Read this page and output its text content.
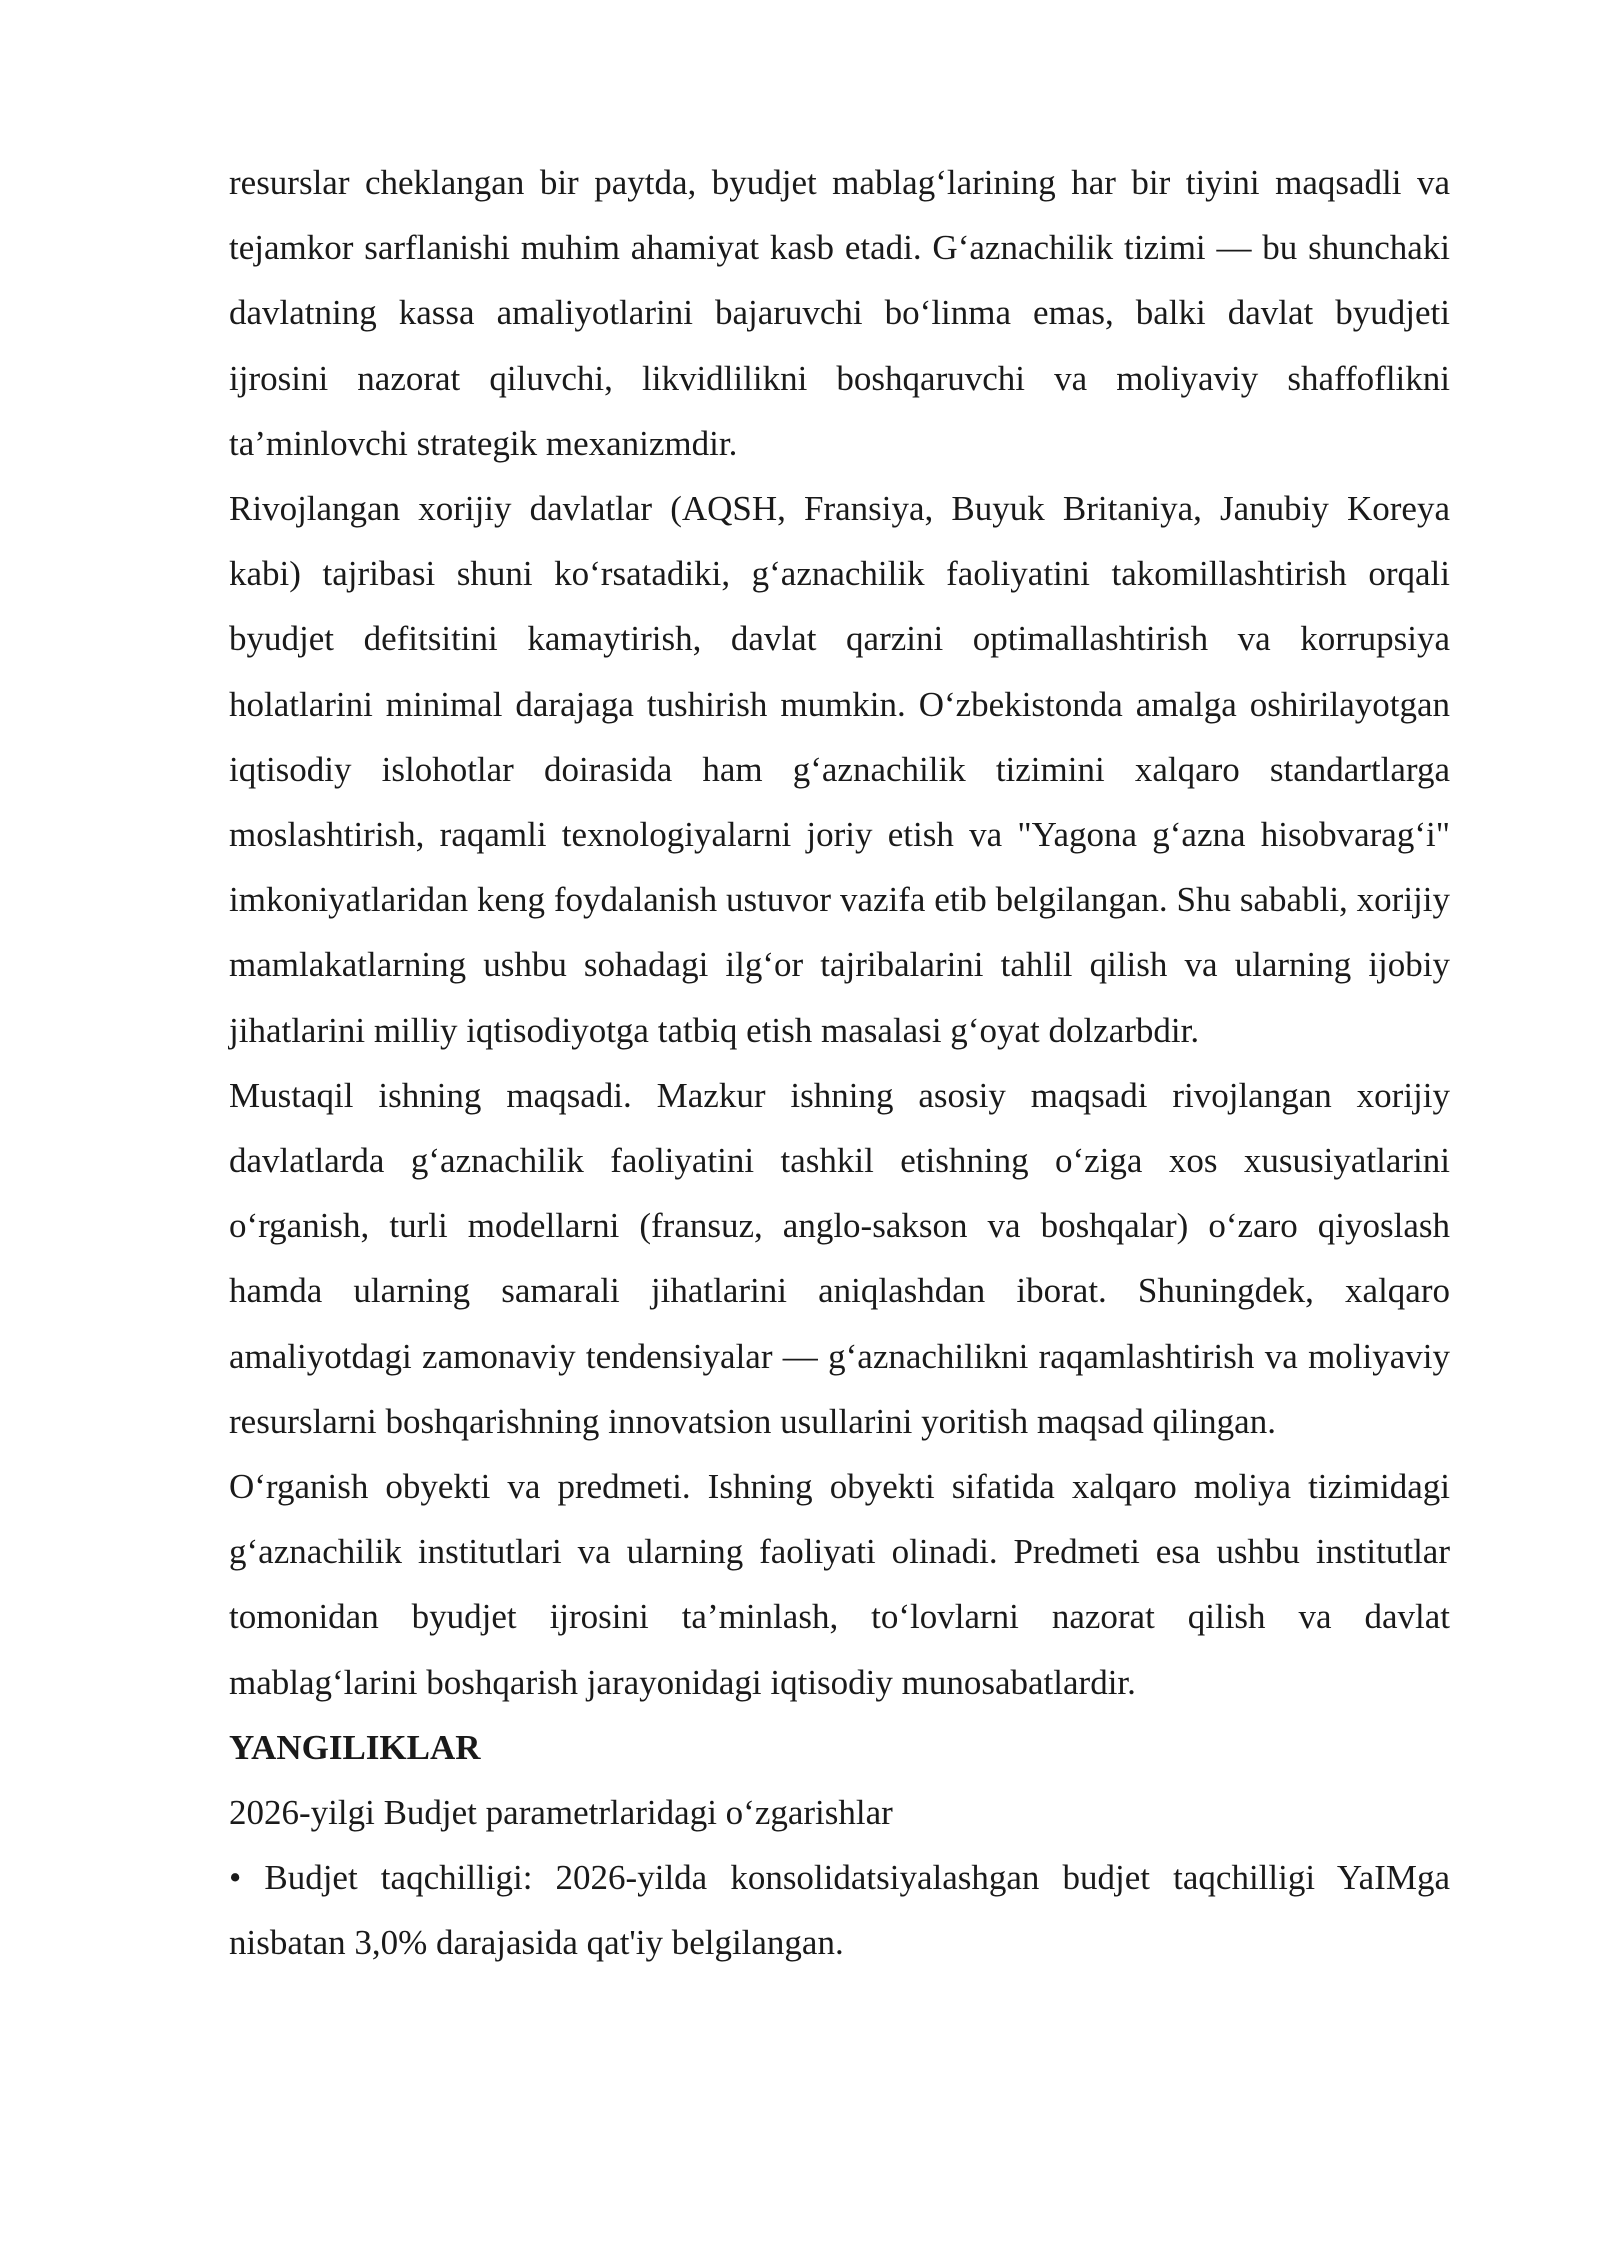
resurslar cheklangan bir paytda, byudjet mablag‘larining har bir tiyini maqsadli va tejamkor sarflanishi muhim ahamiyat kasb etadi. G‘aznachilik tizimi — bu shunchaki davlatning kassa amaliyotlarini bajaruvchi bo‘linma emas, balki davlat byudjeti ijrosini nazorat qiluvchi, likvidlilikni boshqaruvchi va moliyaviy shaffoflikni ta’minlovchi strategik mexanizmdir.

Rivojlangan xorijiy davlatlar (AQSH, Fransiya, Buyuk Britaniya, Janubiy Koreya kabi) tajribasi shuni ko‘rsatadiki, g‘aznachilik faoliyatini takomillashtirish orqali byudjet defitsitini kamaytirish, davlat qarzini optimallashtirish va korrupsiya holatlarini minimal darajaga tushirish mumkin. O‘zbekistonda amalga oshirilayotgan iqtisodiy islohotlar doirasida ham g‘aznachilik tizimini xalqaro standartlarga moslashtirish, raqamli texnologiyalarni joriy etish va "Yagona g‘azna hisobvarag‘i" imkoniyatlaridan keng foydalanish ustuvor vazifa etib belgilangan. Shu sababli, xorijiy mamlakatlarning ushbu sohadagi ilg‘or tajribalarini tahlil qilish va ularning ijobiy jihatlarini milliy iqtisodiyotga tatbiq etish masalasi g‘oyat dolzarbdir.

Mustaqil ishning maqsadi. Mazkur ishning asosiy maqsadi rivojlangan xorijiy davlatlarda g‘aznachilik faoliyatini tashkil etishning o‘ziga xos xususiyatlarini o‘rganish, turli modellarni (fransuz, anglo-sakson va boshqalar) o‘zaro qiyoslash hamda ularning samarali jihatlarini aniqlashdan iborat. Shuningdek, xalqaro amaliyotdagi zamonaviy tendensiyalar — g‘aznachilikni raqamlashtirish va moliyaviy resurslarni boshqarishning innovatsion usullarini yoritish maqsad qilingan.

O‘rganish obyekti va predmeti. Ishning obyekti sifatida xalqaro moliya tizimidagi g‘aznachilik institutlari va ularning faoliyati olinadi. Predmeti esa ushbu institutlar tomonidan byudjet ijrosini ta’minlash, to‘lovlarni nazorat qilish va davlat mablag‘larini boshqarish jarayonidagi iqtisodiy munosabatlardir.

YANGILIKLAR

2026-yilgi Budjet parametrlaridagi o‘zgarishlar

• Budjet taqchilligi: 2026-yilda konsolidatsiyalashgan budjet taqchilligi YaIMga nisbatan 3,0% darajasida qat'iy belgilangan.
